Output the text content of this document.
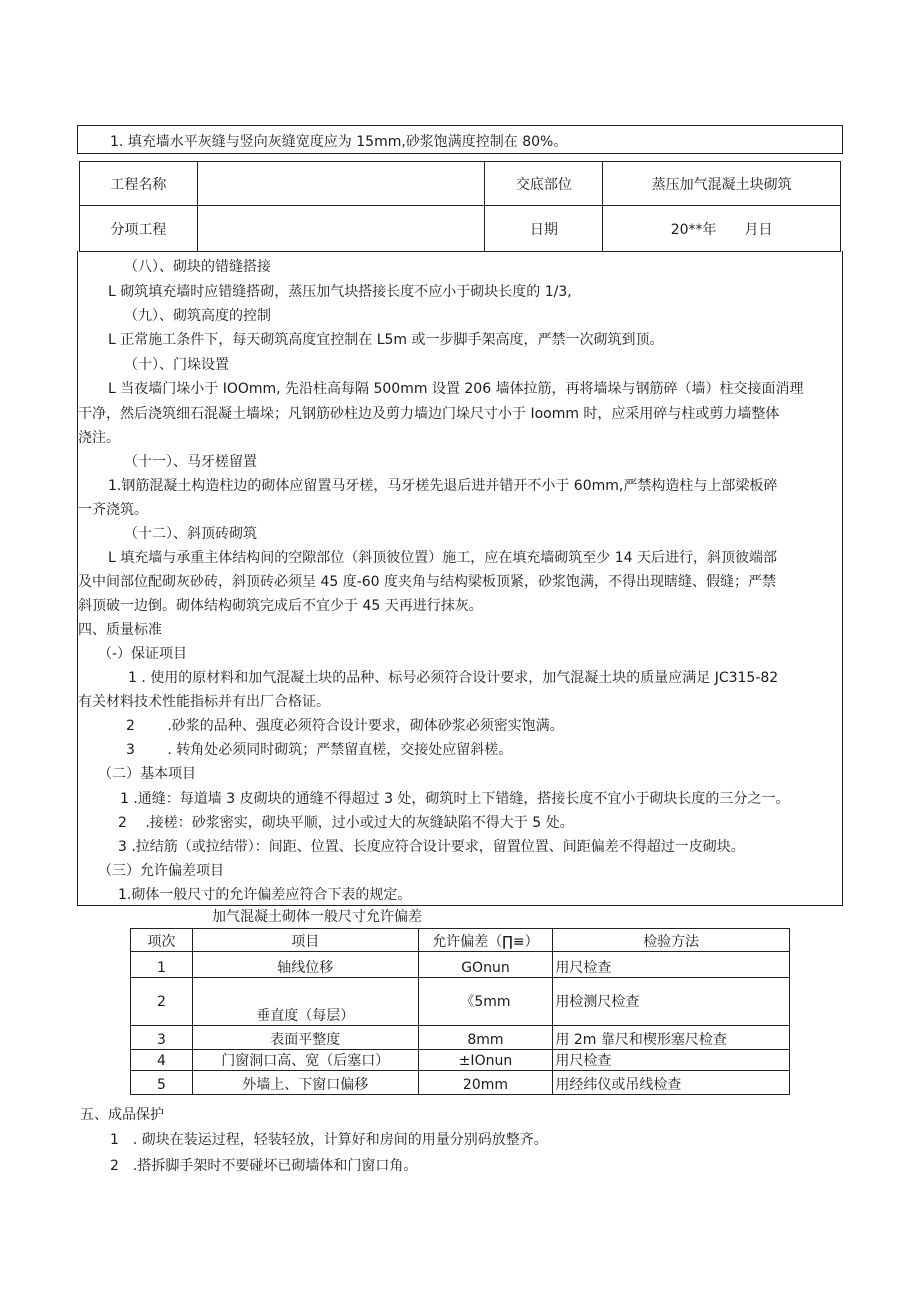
1. 填充墙水平灰缝与竖向灰缝宽度应为 15mm,砂浆饱满度控制在 80%。
工程名称		交底部位	蒸压加气混凝土块砌筑
分项工程		日期	20**年　　月日
（八）、砌块的错缝搭接
L 砌筑填充墙时应错缝搭砌，蒸压加气块搭接长度不应小于砌块长度的 1/3,
（九）、砌筑高度的控制
L 正常施工条件下，每天砌筑高度宜控制在 L5m 或一步脚手架高度，严禁一次砌筑到顶。
（十）、门垛设置
L 当夜墙门垛小于 IOOmm, 先沿柱高每隔 500mm 设置 206 墙体拉筋，再将墙垛与钢筋碎（墙）柱交接面消理
干净，然后浇筑细石混凝土墙垛；凡钢筋砂柱边及剪力墙边门垛尺寸小于 Ioomm 时，应采用碎与柱或剪力墙整体
浇注。
（十一）、马牙槎留置
1.钢筋混凝土构造柱边的砌体应留置马牙槎，马牙槎先退后进并错开不小于 60mm,严禁构造柱与上部梁板碎
一齐浇筑。
（十二）、斜顶砖砌筑
L 填充墙与承重主体结构间的空隙部位（斜顶彼位置）施工，应在填充墙砌筑至少 14 天后进行，斜顶彼端部
及中间部位配砌灰砂砖，斜顶砖必须呈 45 度-60 度夹角与结构梁板顶紧，砂浆饱满，不得出现瞎缝、假缝；严禁
斜顶破一边倒。砌体结构砌筑完成后不宜少于 45 天再进行抹灰。
四、质量标准
（-）保证项目
1 . 使用的原材料和加气混凝土块的品种、标号必须符合设计要求，加气混凝土块的质量应满足 JC315-82
有关材料技术性能指标并有出厂合格证。
2　　 .砂浆的品种、强度必须符合设计要求，砌体砂浆必须密实饱满。
3　　 . 转角处必须同时砌筑；严禁留直槎，交接处应留斜槎。
（二）基本项目
1 .通缝：每道墙 3 皮砌块的通缝不得超过 3 处，砌筑时上下错缝，搭接长度不宜小于砌块长度的三分之一。
2　 .接槎：砂浆密实，砌块平顺，过小或过大的灰缝缺陷不得大于 5 处。
3 .拉结筋（或拉结带）：间距、位置、长度应符合设计要求，留置位置、间距偏差不得超过一皮砌块。
（三）允许偏差项目
1.砌体一般尺寸的允许偏差应符合下表的规定。
加气混凝土砌体一般尺寸允许偏差
项次	项目	允许偏差（∏≡）	检验方法
1	轴线位移	GOnun	用尺检查
2	垂直度（每层）	《5mm	用检测尺检查
3	表面平整度	8mm	用 2m 靠尺和楔形塞尺检查
4	门窗洞口高、宽（后塞口）	±IOnun	用尺检查
5	外墙上、下窗口偏移	20mm	用经纬仪或吊线检查
五、成品保护
1　. 砌块在装运过程，轻装轻放，计算好和房间的用量分别码放整齐。
2　.搭拆脚手架时不要碰坏已砌墙体和门窗口角。
